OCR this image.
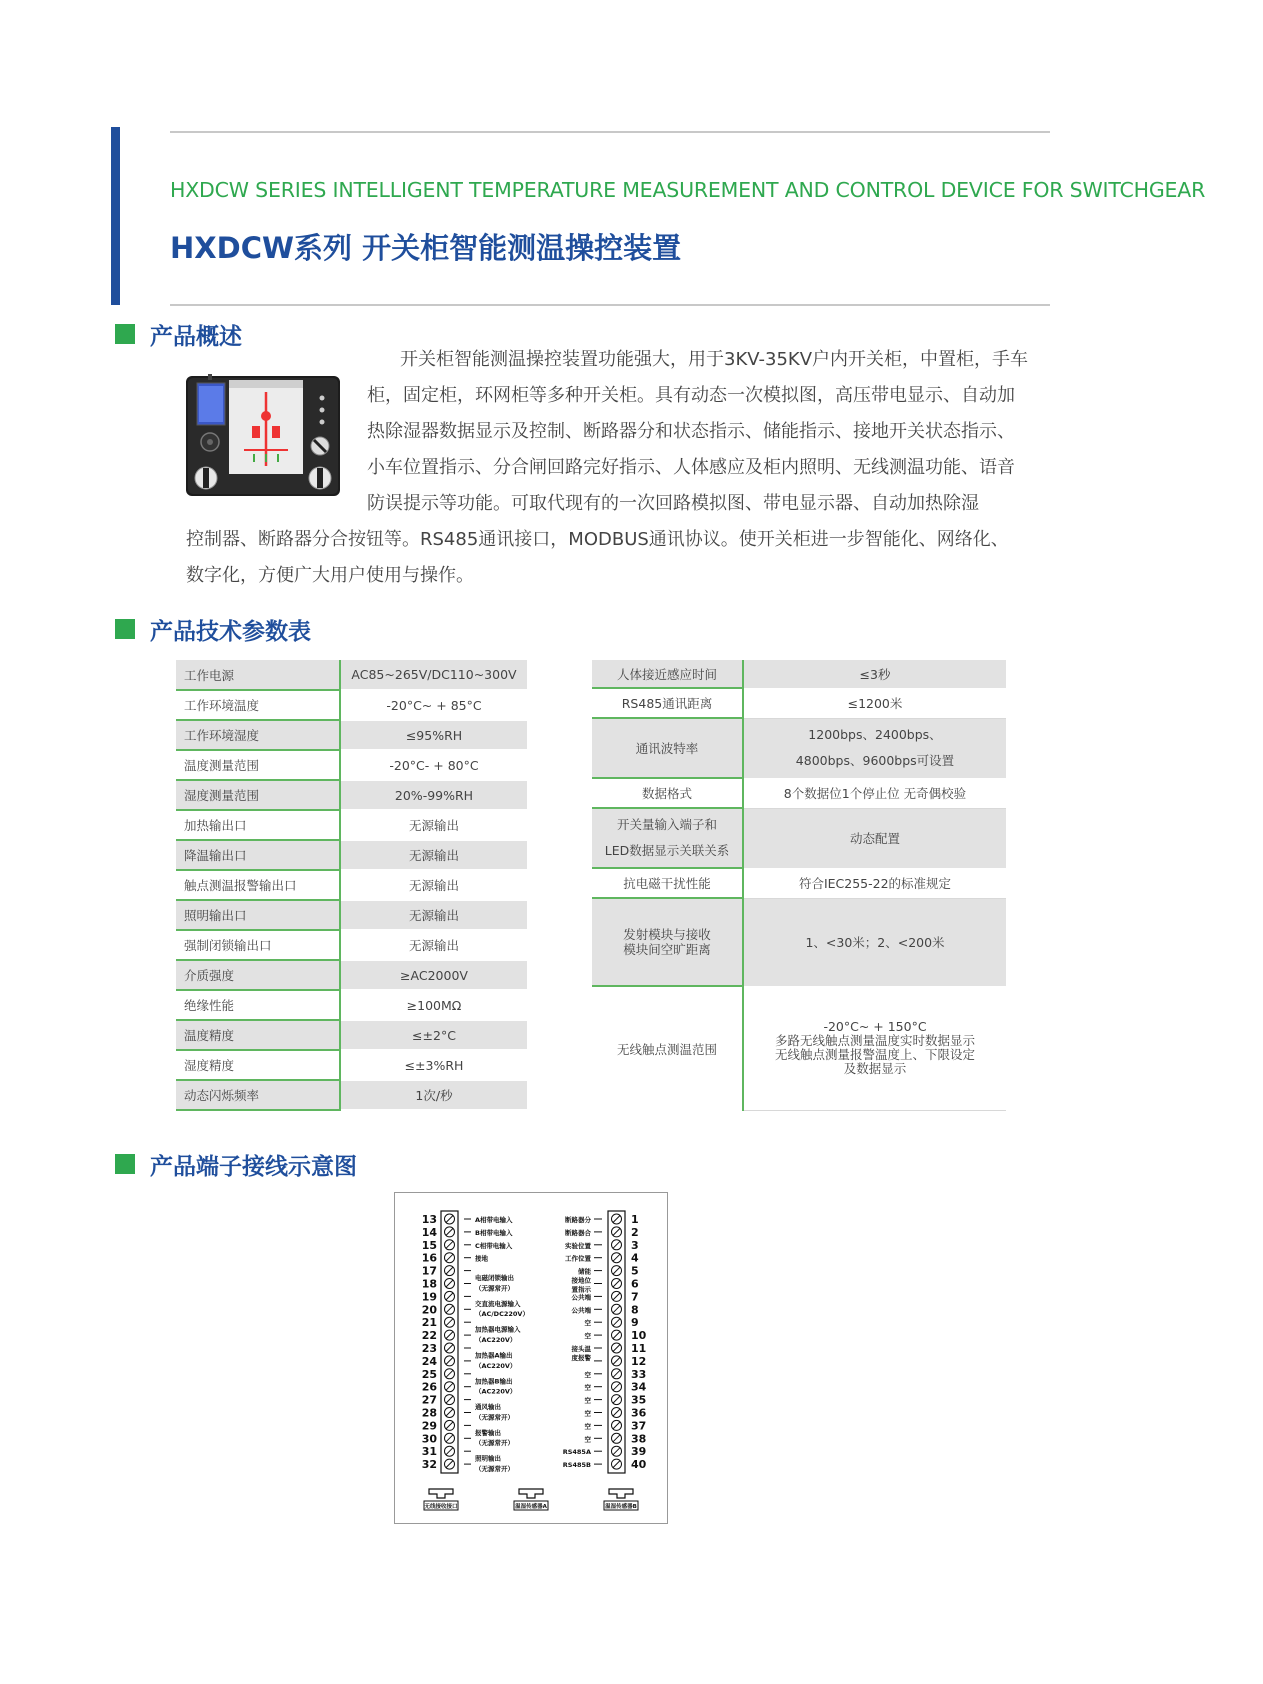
HXDCW SERIES INTELLIGENT TEMPERATURE MEASUREMENT AND CONTROL DEVICE FOR SWITCHGEAR
HXDCW系列 开关柜智能测温操控装置
产品概述
开关柜智能测温操控装置功能强大，用于3KV-35KV户内开关柜，中置柜，手车
柜，固定柜，环网柜等多种开关柜。具有动态一次模拟图，高压带电显示、自动加
热除湿器数据显示及控制、断路器分和状态指示、储能指示、接地开关状态指示、
小车位置指示、分合闸回路完好指示、人体感应及柜内照明、无线测温功能、语音
防误提示等功能。可取代现有的一次回路模拟图、带电显示器、自动加热除湿
控制器、断路器分合按钮等。RS485通讯接口，MODBUS通讯协议。使开关柜进一步智能化、网络化、
数字化，方便广大用户使用与操作。
产品技术参数表
工作电源	AC85~265V/DC110~300V
工作环境温度	-20°C~ + 85°C
工作环境湿度	≤95%RH
温度测量范围	-20°C- + 80°C
湿度测量范围	20%-99%RH
加热输出口	无源输出
降温输出口	无源输出
触点测温报警输出口	无源输出
照明输出口	无源输出
强制闭锁输出口	无源输出
介质强度	≥AC2000V
绝缘性能	≥100MΩ
温度精度	≤±2°C
湿度精度	≤±3%RH
动态闪烁频率	1次/秒
人体接近感应时间	≤3秒

RS485通讯距离	≤1200米

通讯波特率	1200bps、2400bps、
4800bps、9600bps可设置

数据格式	8个数据位1个停止位 无奇偶校验

开关量输入端子和
LED数据显示关联关系	动态配置

抗电磁干扰性能	符合IEC255-22的标准规定

发射模块与接收
模块间空旷距离	1、<30米；2、<200米

无线触点测温范围	-20°C~ + 150°C
多路无线触点测量温度实时数据显示
无线触点测量报警温度上、下限设定
及数据显示
产品端子接线示意图
13
14
15
16
17
18
19
20
21
22
23
24
25
26
27
28
29
30
31
32
1
2
3
4
5
6
7
8
9
10
11
12
33
34
35
36
37
38
39
40
A相带电输入
B相带电输入
C相带电输入
接地
电磁闭锁输出
（无源常开）
交直流电源输入
（AC/DC220V）
加热器电源输入
（AC220V）
加热器A输出
（AC220V）
加热器B输出
（AC220V）
通风输出
（无源常开）
报警输出
（无源常开）
照明输出
（无源常开）
断路器分
断路器合
实验位置
工作位置
储能
接地位
置指示
公共端
公共端
空
空
接头温
度报警
空
空
空
空
空
空
RS485A
RS485B
无线接收接口	温湿传感器A	温湿传感器B
